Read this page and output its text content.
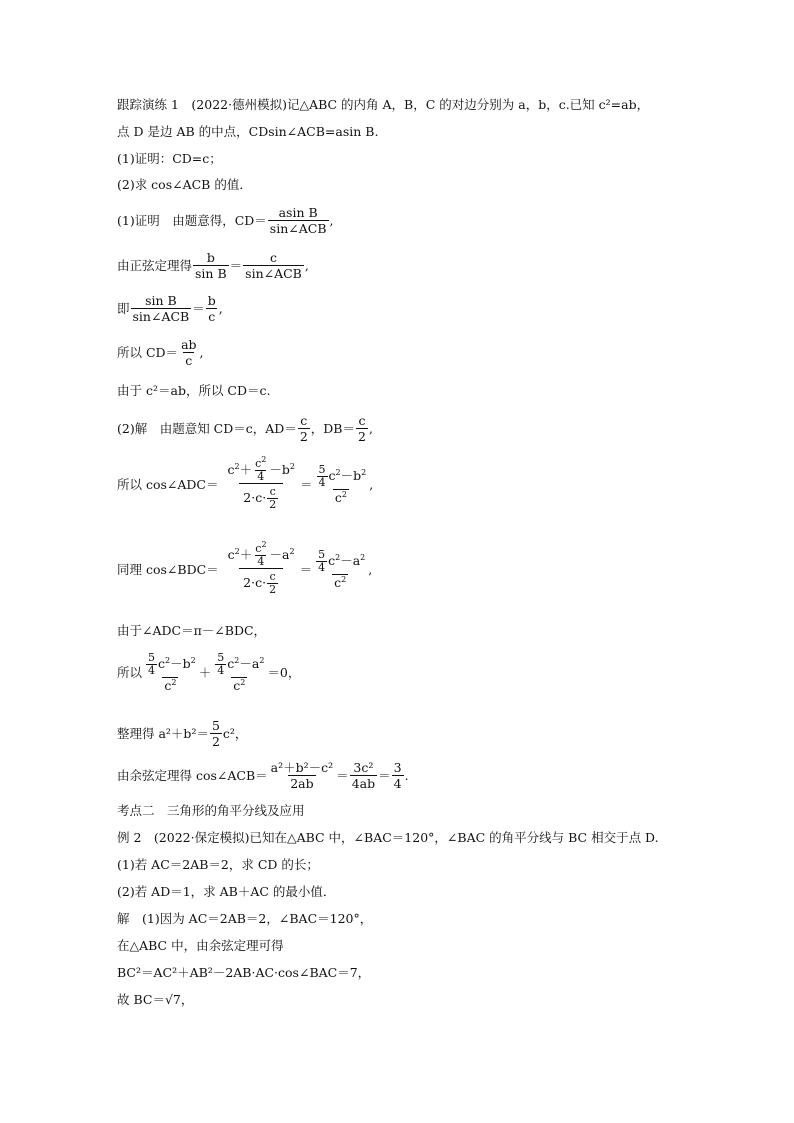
跟踪演练 1　(2022·德州模拟)记△ABC 的内角 A，B，C 的对边分别为 a，b，c.已知 c²=ab，
点 D 是边 AB 的中点，CDsin∠ACB=asin B.
(1)证明：CD=c；
(2)求 cos∠ACB 的值．
(1)证明　由题意得，CD＝ asin B
sin∠ACB
,
由正弦定理得 $\frac{b}{\text{sin B}} = c$
sin∠ACB
,
即 sin B
sin∠ACB
＝ $\frac{b}{c}$ ,
所以 $CD= \frac{ab}{c}$ ,
由于 c²＝ab，所以 CD＝c.
(2)解　由题意知 CD＝c，$AD= \frac{c}{2}$ ，$DB= \frac{c}{2}$ ,
所以 cos∠ADC＝ $\frac{c^2+ \frac{c^2}{4} -b^2}{2\cdot c\cdot \frac{c}{2}} = \frac{\frac{5}{4} c^2-b^2}{c^2}$ ,
同理 cos∠BDC＝ $\frac{c^2+ \frac{c^2}{4} -a^2}{2\cdot c\cdot \frac{c}{2}} = \frac{\frac{5}{4} c^2-a^2}{c^2}$ ,
由于∠ADC＝π－∠BDC，
所以 $\frac{\frac{5}{4} c^2-b^2}{c^2} + \frac{\frac{5}{4} c^2-a^2}{c^2} =0$，
整理得 $a^2+b^2= \frac{5}{2} c^2$，
由余弦定理得 cos∠ACB＝ $\frac{\text{a²＋b²－c²}}{2ab} = \frac{\text{3c²}}{4ab} = \frac{3}{4}$ .
考点二　三角形的角平分线及应用
例 2　(2022·保定模拟)已知在△ABC 中，∠BAC＝120°，∠BAC 的角平分线与 BC 相交于点 D.
(1)若 AC＝2AB＝2，求 CD 的长；
(2)若 AD＝1，求 AB＋AC 的最小值．
解　(1)因为 AC＝2AB＝2，∠BAC＝120°，
在△ABC 中，由余弦定理可得
BC²＝AC²＋AB²－2AB·AC·cos∠BAC＝7，
故 BC＝√7，
